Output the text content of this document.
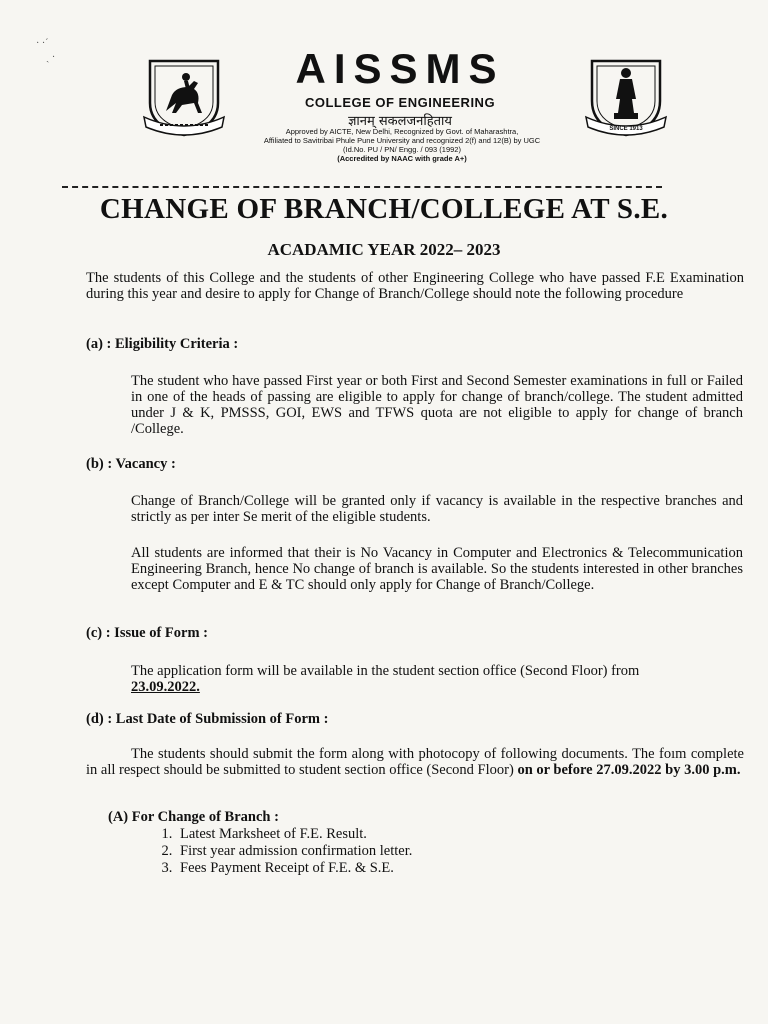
· ·ˊ
ˏ ·	AISSMS
COLLEGE OF ENGINEERING
ज्ञानम् सकलजनहिताय
Approved by AICTE, New Delhi, Recognized by Govt. of Maharashtra,
Affiliated to Savitribai Phule Pune University and recognized 2(f) and 12(B) by UGC
(Id.No. PU / PN/ Engg. / 093 (1992)
(Accredited by NAAC with grade A+)
SINCE 1913
CHANGE OF BRANCH/COLLEGE AT S.E.
ACADAMIC YEAR 2022– 2023
The students of this College and the students of other Engineering College who have passed F.E Examination during this year and desire to apply for Change of Branch/College should note the following procedure
(a) : Eligibility Criteria :
The student who have passed First year or both First and Second Semester examinations in full or Failed in one of the heads of passing are eligible to apply for change of branch/college. The student admitted under J & K, PMSSS, GOI, EWS and TFWS quota are not eligible to apply for change of branch /College.
(b) : Vacancy :
Change of Branch/College will be granted only if vacancy is available in the respective branches and strictly as per inter Se merit of the eligible students.
All students are informed that their is No Vacancy in Computer and Electronics & Telecommunication Engineering Branch, hence No change of branch is available. So the students interested in other branches except Computer and E & TC should only apply for Change of Branch/College.
(c) : Issue of Form :
The application form will be available in the student section office (Second Floor) from
23.09.2022.
(d) : Last Date of Submission of Form :
The students should submit the form along with photocopy of following documents. The foım complete in all respect should be submitted to student section office (Second Floor) on or before 27.09.2022 by 3.00 p.m.
(A) For Change of Branch :
1. Latest Marksheet of F.E. Result.
2. First year admission confirmation letter.
3. Fees Payment Receipt of F.E. & S.E.
